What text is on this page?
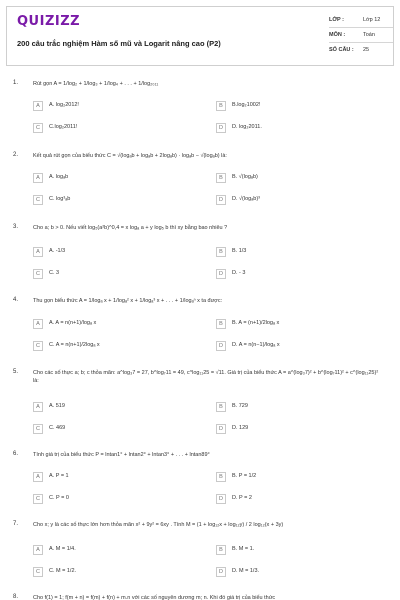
QUIZIZZ
200 câu trắc nghiệm Hàm số mũ và Logarit nâng cao (P2)
LỚP :	Lớp 12
MÔN :	Toán
SỐ CÂU : 25
1.	Rút gọn A = 1/log₂ + 1/log₃ + 1/log₄ + . . . + 1/log₂₀₁₁
A	A. log₂2012!	B	B.log₂1002!
C	C.log₂2011!	D	D. log₂2011.
2.	Kết quả rút gọn của biểu thức C = √(logₐb + logₐb + 2logₐb) · logₐb − √(logₐb) là:
A	A. logₐb	B	B. √(logₐb)
C	C. log³ₐb	D	D. √(logₐb)³
3.	Cho a; b > 0. Nếu viết log₅(a²b)^0,4 = x logₐ a + y log₅ b thì xy bằng bao nhiêu ?
A	A. -1/3	B	B. 1/3
C	C. 3	D	D. - 3
4.	Thu gọn biểu thức A = 1/logₐ x + 1/logₐ² x + 1/logₐ³ x + . . . + 1/logₐⁿ x ta được:
A	A. A = n(n+1)/logₐ x	B	B. A = (n+1)/2logₐ x
C	C. A = n(n+1)/2logₐ x	D	D. A = n(n−1)/logₐ x
5.	Cho các số thực a; b; c thỏa mãn: a^log₃7 = 27, b^log₇11 = 49, c^log₁₁25 = √11. Giá trị của biểu thức A = a^(log₃7)² + b^(log₇11)² + c^(log₁₁25)² là:
A	A. 519	B	B. 729
C	C. 469	D	D. 129
6.	Tính giá trị của biểu thức P = lntan1° + lntan2° + lntan3° + . . . + lntan89°
A	A. P = 1	B	B. P = 1/2
C	C. P = 0	D	D. P = 2
7.	Cho x; y là các số thực lớn hơn thỏa mãn x² + 9y² = 6xy . Tính M = (1 + log₁₂x + log₁₂y) / 2 log₁₂(x + 3y)
A	A. M = 1/4.	B	B. M = 1.
C	C. M = 1/2.	D	D. M = 1/3.
8.	Cho f(1) = 1; f(m + n) = f(m) + f(n) + m.n với các số nguyên dương m; n. Khi đó giá trị của biểu thức
